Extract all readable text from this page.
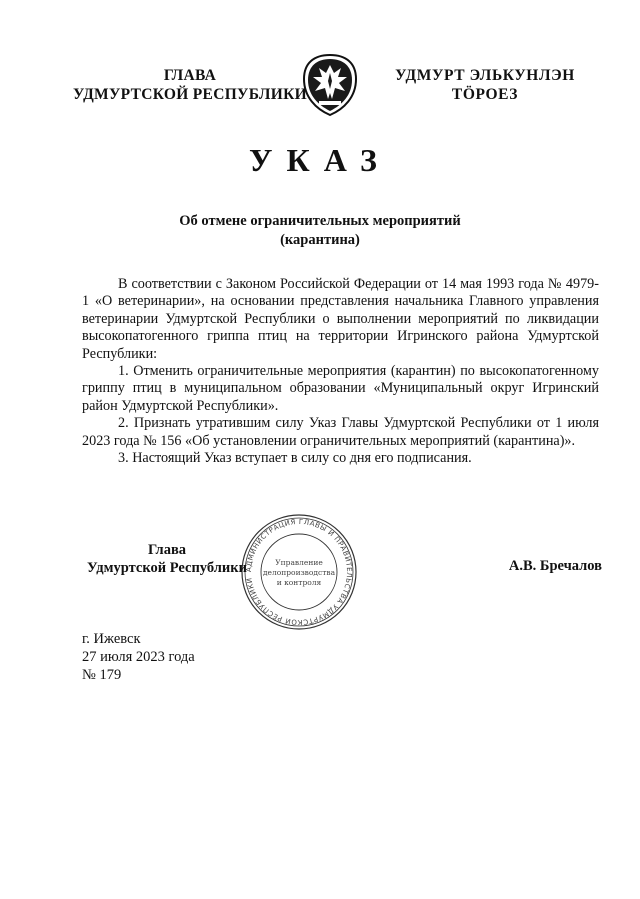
ГЛАВА
УДМУРТСКОЙ РЕСПУБЛИКИ
УДМУРТ ЭЛЬКУНЛЭН
ТӦРОЕЗ
УКАЗ
Об отмене ограничительных мероприятий
(карантина)

В соответствии с Законом Российской Федерации от 14 мая 1993 года № 4979-1 «О ветеринарии», на основании представления начальника Главного управления ветеринарии Удмуртской Республики о выполнении мероприятий по ликвидации высокопатогенного гриппа птиц на территории Игринского района Удмуртской Республики:

1. Отменить ограничительные мероприятия (карантин) по высокопатогенному гриппу птиц в муниципальном образовании «Муниципальный округ Игринский район Удмуртской Республики».

2. Признать утратившим силу Указ Главы Удмуртской Республики от 1 июля 2023 года № 156 «Об установлении ограничительных мероприятий (карантина)».

3. Настоящий Указ вступает в силу со дня его подписания.

АДМИНИСТРАЦИЯ ГЛАВЫ И ПРАВИТЕЛЬСТВА УДМУРТСКОЙ РЕСПУБЛИКИ
Управление
делопроизводства
и контроля
Глава
Удмуртской Республики	А.В. Бречалов
г. Ижевск
27 июля 2023 года
№ 179
